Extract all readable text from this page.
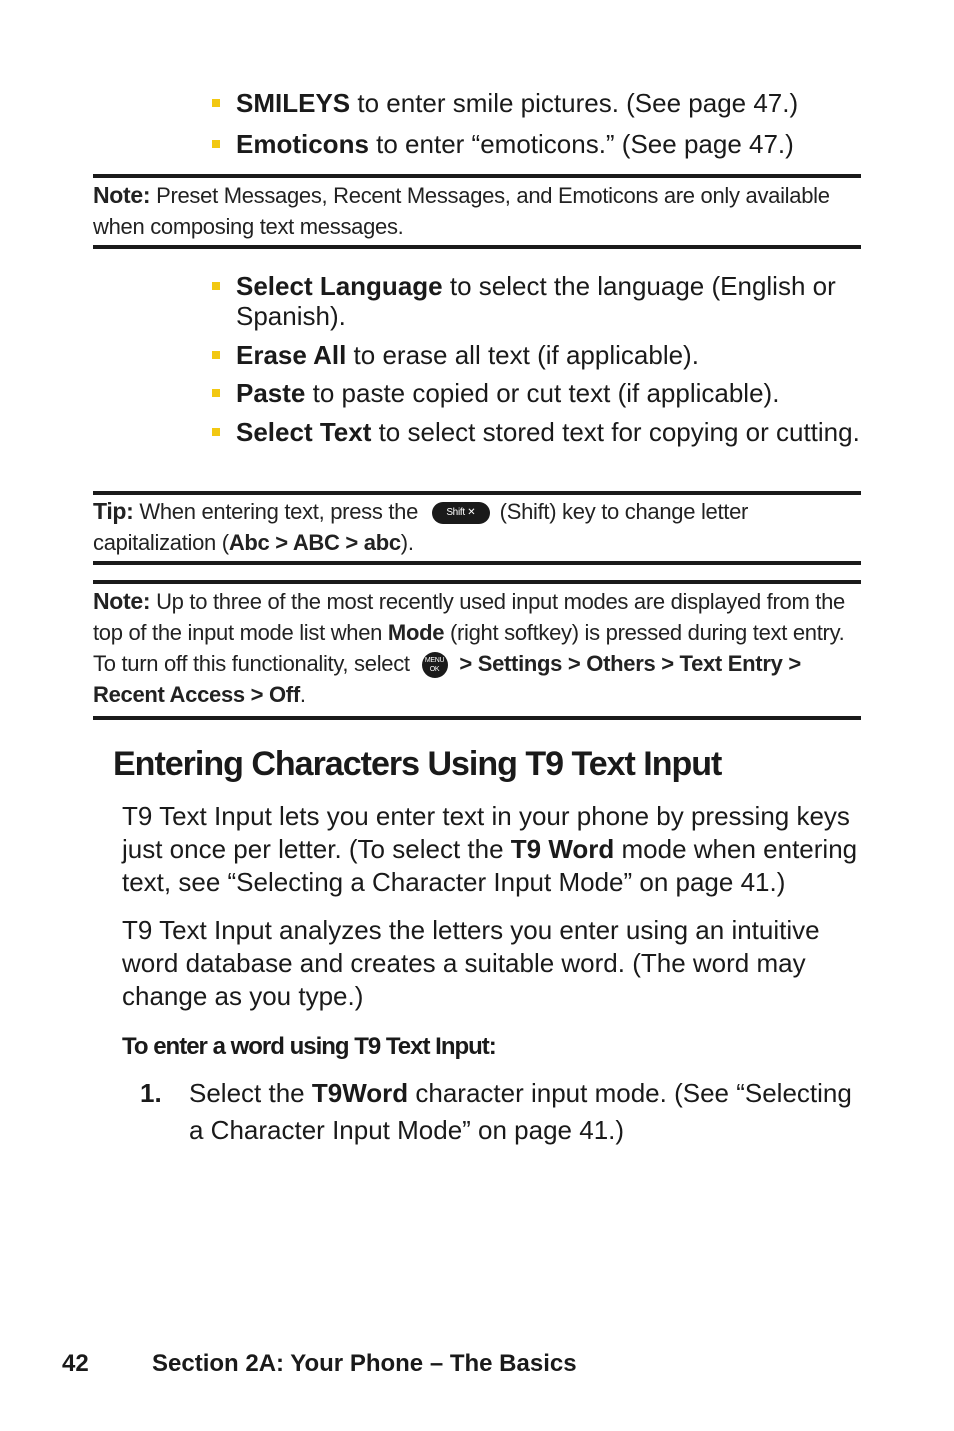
SMILEYS to enter smile pictures. (See page 47.)
Emoticons to enter “emoticons.” (See page 47.)
Note: Preset Messages, Recent Messages, and Emoticons are only available when composing text messages.
Select Language to select the language (English or Spanish).
Erase All to erase all text (if applicable).
Paste to paste copied or cut text (if applicable).
Select Text to select stored text for copying or cutting.
Tip: When entering text, press the Shift ✕ (Shift) key to change letter capitalization (Abc > ABC > abc).
Note: Up to three of the most recently used input modes are displayed from the top of the input mode list when Mode (right softkey) is pressed during text entry. To turn off this functionality, select MENU OK > Settings > Others > Text Entry > Recent Access > Off.
Entering Characters Using T9 Text Input
T9 Text Input lets you enter text in your phone by pressing keys just once per letter. (To select the T9 Word mode when entering text, see “Selecting a Character Input Mode” on page 41.)
T9 Text Input analyzes the letters you enter using an intuitive word database and creates a suitable word. (The word may change as you type.)
To enter a word using T9 Text Input:
1. Select the T9Word character input mode. (See “Selecting a Character Input Mode” on page 41.)
42	Section 2A: Your Phone – The Basics
